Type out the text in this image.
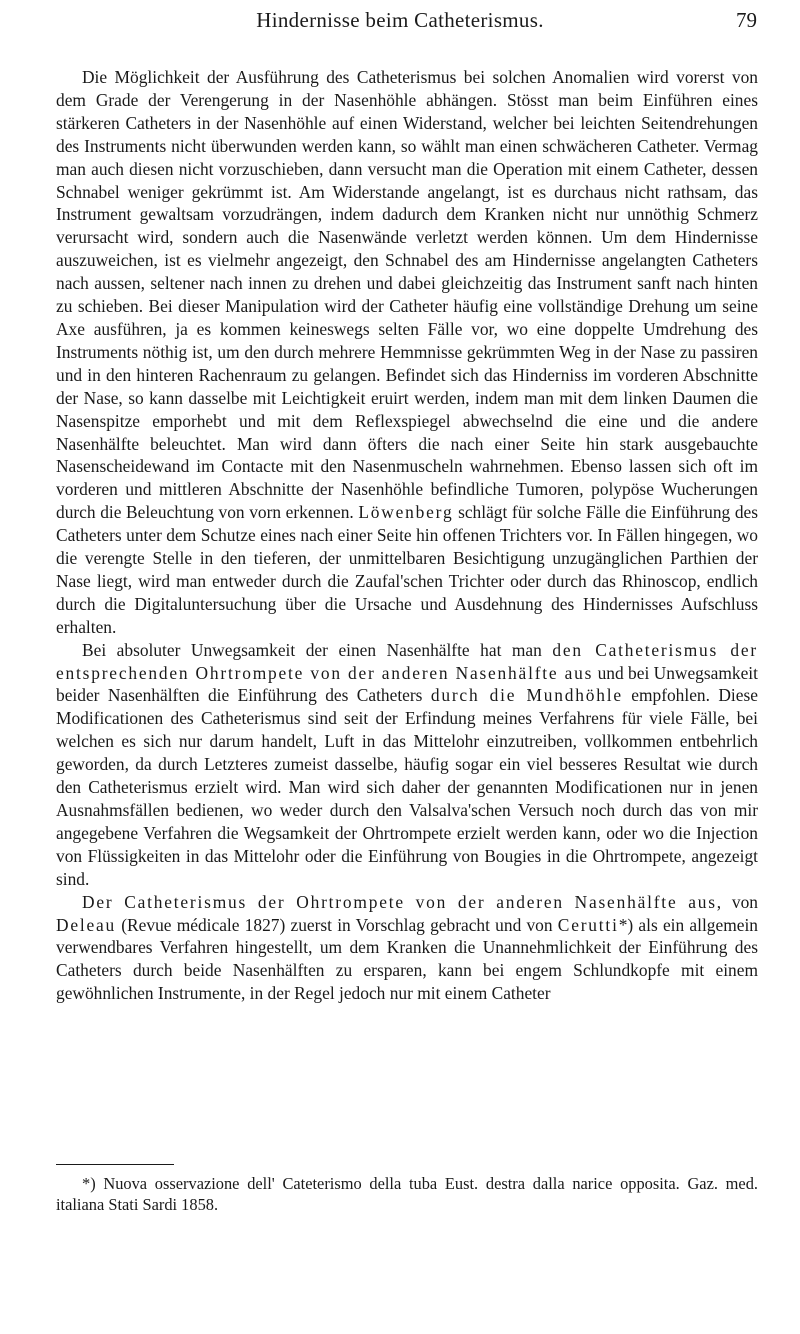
Hindernisse beim Catheterismus.	79

Die Möglichkeit der Ausführung des Catheterismus bei solchen Anomalien wird vorerst von dem Grade der Verengerung in der Nasenhöhle abhängen. Stösst man beim Einführen eines stärkeren Catheters in der Nasenhöhle auf einen Widerstand, welcher bei leichten Seitendrehungen des Instruments nicht überwunden werden kann, so wählt man einen schwächeren Catheter. Vermag man auch diesen nicht vorzuschieben, dann versucht man die Operation mit einem Catheter, dessen Schnabel weniger gekrümmt ist. Am Widerstande angelangt, ist es durchaus nicht rathsam, das Instrument gewaltsam vorzudrängen, indem dadurch dem Kranken nicht nur unnöthig Schmerz verursacht wird, sondern auch die Nasenwände verletzt werden können. Um dem Hindernisse auszuweichen, ist es vielmehr angezeigt, den Schnabel des am Hindernisse angelangten Catheters nach aussen, seltener nach innen zu drehen und dabei gleichzeitig das Instrument sanft nach hinten zu schieben. Bei dieser Manipulation wird der Catheter häufig eine vollständige Drehung um seine Axe ausführen, ja es kommen keineswegs selten Fälle vor, wo eine doppelte Umdrehung des Instruments nöthig ist, um den durch mehrere Hemmnisse gekrümmten Weg in der Nase zu passiren und in den hinteren Rachenraum zu gelangen. Befindet sich das Hinderniss im vorderen Abschnitte der Nase, so kann dasselbe mit Leichtigkeit eruirt werden, indem man mit dem linken Daumen die Nasenspitze emporhebt und mit dem Reflexspiegel abwechselnd die eine und die andere Nasenhälfte beleuchtet. Man wird dann öfters die nach einer Seite hin stark ausgebauchte Nasenscheidewand im Contacte mit den Nasenmuscheln wahrnehmen. Ebenso lassen sich oft im vorderen und mittleren Abschnitte der Nasenhöhle befindliche Tumoren, polypöse Wucherungen durch die Beleuchtung von vorn erkennen. Löwenberg schlägt für solche Fälle die Einführung des Catheters unter dem Schutze eines nach einer Seite hin offenen Trichters vor. In Fällen hingegen, wo die verengte Stelle in den tieferen, der unmittelbaren Besichtigung unzugänglichen Parthien der Nase liegt, wird man entweder durch die Zaufal'schen Trichter oder durch das Rhinoscop, endlich durch die Digitaluntersuchung über die Ursache und Ausdehnung des Hindernisses Aufschluss erhalten.

Bei absoluter Unwegsamkeit der einen Nasenhälfte hat man den Catheterismus der entsprechenden Ohrtrompete von der anderen Nasenhälfte aus und bei Unwegsamkeit beider Nasenhälften die Einführung des Catheters durch die Mundhöhle empfohlen. Diese Modificationen des Catheterismus sind seit der Erfindung meines Verfahrens für viele Fälle, bei welchen es sich nur darum handelt, Luft in das Mittelohr einzutreiben, vollkommen entbehrlich geworden, da durch Letzteres zumeist dasselbe, häufig sogar ein viel besseres Resultat wie durch den Catheterismus erzielt wird. Man wird sich daher der genannten Modificationen nur in jenen Ausnahmsfällen bedienen, wo weder durch den Valsalva'schen Versuch noch durch das von mir angegebene Verfahren die Wegsamkeit der Ohrtrompete erzielt werden kann, oder wo die Injection von Flüssigkeiten in das Mittelohr oder die Einführung von Bougies in die Ohrtrompete, angezeigt sind.

Der Catheterismus der Ohrtrompete von der anderen Nasenhälfte aus, von Deleau (Revue médicale 1827) zuerst in Vorschlag gebracht und von Cerutti*) als ein allgemein verwendbares Verfahren hingestellt, um dem Kranken die Unannehmlichkeit der Einführung des Catheters durch beide Nasenhälften zu ersparen, kann bei engem Schlundkopfe mit einem gewöhnlichen Instrumente, in der Regel jedoch nur mit einem Catheter

*) Nuova osservazione dell' Cateterismo della tuba Eust. destra dalla narice opposita. Gaz. med. italiana Stati Sardi 1858.
